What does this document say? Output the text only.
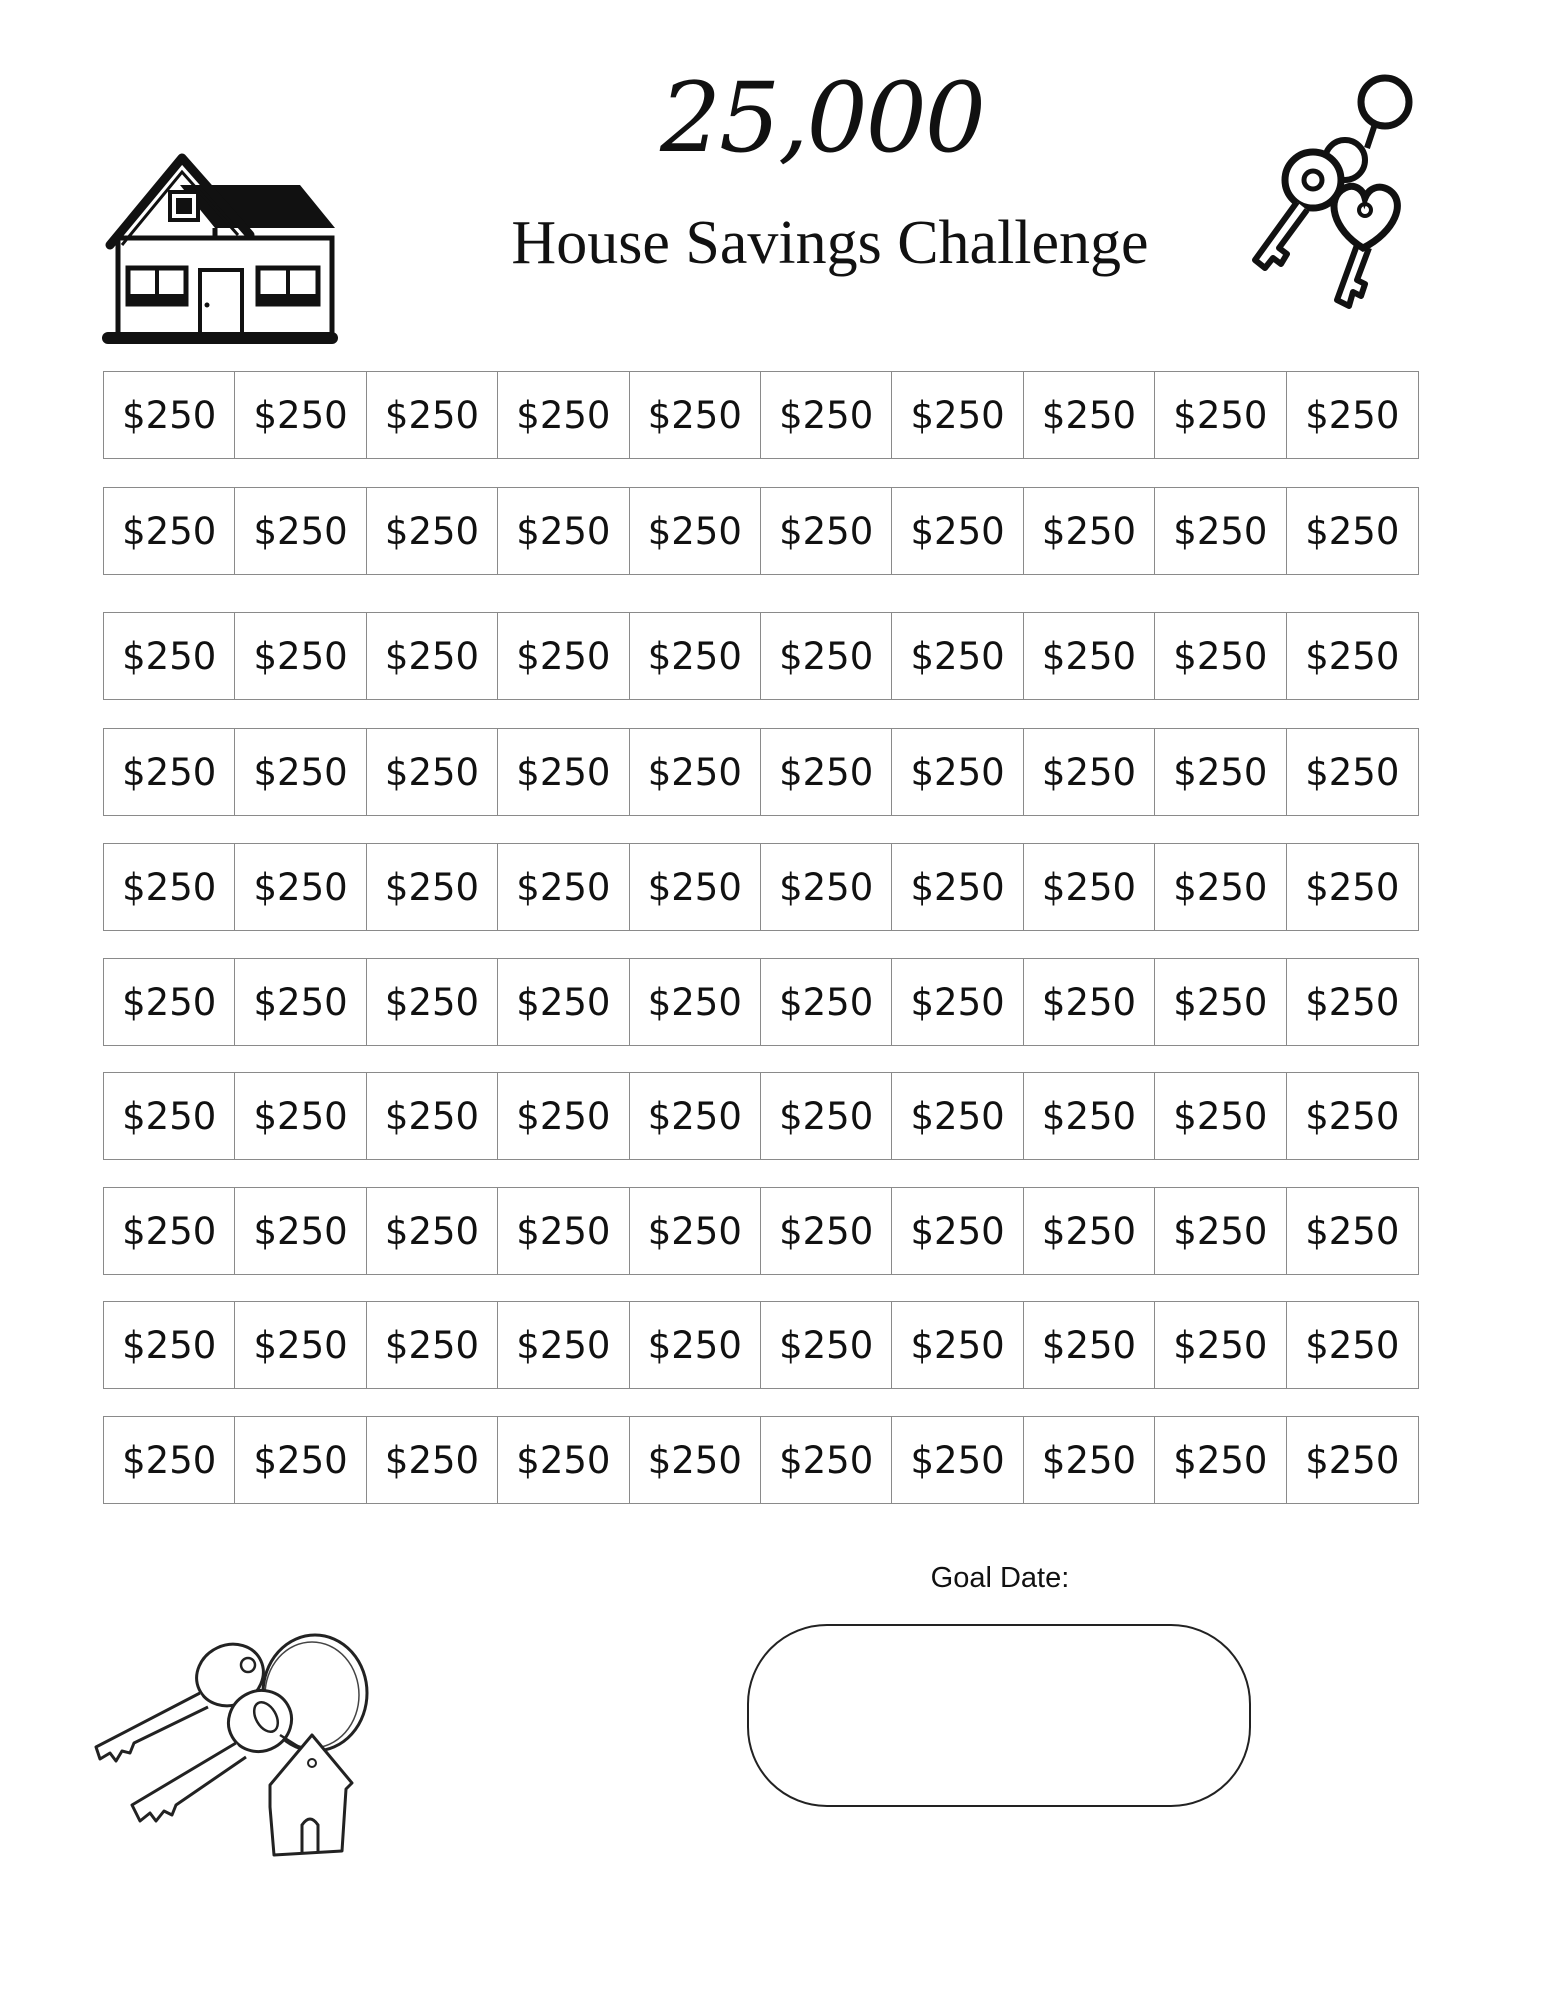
25,000
House Savings Challenge
$250	$250	$250	$250	$250	$250	$250	$250	$250	$250
$250	$250	$250	$250	$250	$250	$250	$250	$250	$250
$250	$250	$250	$250	$250	$250	$250	$250	$250	$250
$250	$250	$250	$250	$250	$250	$250	$250	$250	$250
$250	$250	$250	$250	$250	$250	$250	$250	$250	$250
$250	$250	$250	$250	$250	$250	$250	$250	$250	$250
$250	$250	$250	$250	$250	$250	$250	$250	$250	$250
$250	$250	$250	$250	$250	$250	$250	$250	$250	$250
$250	$250	$250	$250	$250	$250	$250	$250	$250	$250
$250	$250	$250	$250	$250	$250	$250	$250	$250	$250
Goal Date:
